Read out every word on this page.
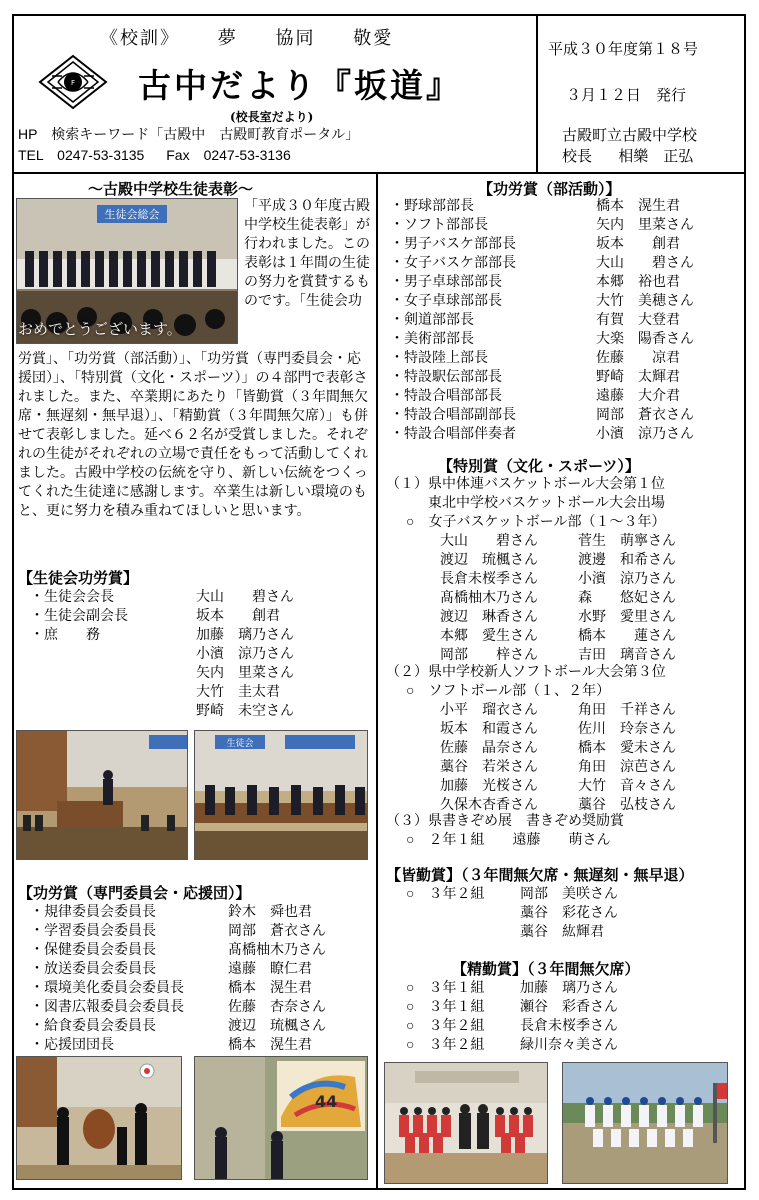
《校訓》 夢 協同 敬愛
F 古中だより『坂道』
(校長室だより)
HP　検索キーワード「古殿中　古殿町教育ポータル」
TEL　0247-53-3135 Fax　0247-53-3136
平成３０年度第１８号
３月１２日　発行
古殿町立古殿中学校
校長 相樂　正弘
～古殿中学校生徒表彰～
生徒会総会
おめでとうございます。
「平成３０年度古殿中学校生徒表彰」が行われました。この表彰は１年間の生徒の努力を賞賛するものです。「生徒会功
労賞」、「功労賞（部活動）」、「功労賞（専門委員会・応援団）」、「特別賞（文化・スポーツ）」の４部門で表彰されました。また、卒業期にあたり「皆勤賞（３年間無欠席・無遅刻・無早退）」、「精勤賞（３年間無欠席）」も併せて表彰しました。延べ６２名が受賞しました。それぞれの生徒がそれぞれの立場で責任をもって活動してくれました。古殿中学校の伝統を守り、新しい伝統をつくってくれた生徒達に感謝します。卒業生は新しい環境のもと、更に努力を積み重ねてほしいと思います。
【生徒会功労賞】
・生徒会会長	大山　　碧さん
・生徒会副会長	坂本　　創君
・庶　　務	加藤　璃乃さん
小濱　涼乃さん
矢内　里菜さん
大竹　圭太君
野崎　未空さん
生徒会
【功労賞（専門委員会・応援団）】
・規律委員会委員長	鈴木　舜也君
・学習委員会委員長	岡部　蒼衣さん
・保健委員会委員長	髙橋柚木乃さん
・放送委員会委員長	遠藤　瞭仁君
・環境美化委員会委員長	橋本　滉生君
・図書広報委員会委員長	佐藤　杏奈さん
・給食委員会委員長	渡辺　琉楓さん
・応援団団長	橋本　滉生君
44
【功労賞（部活動）】
・野球部部長	橋本　滉生君
・ソフト部部長	矢内　里菜さん
・男子バスケ部部長	坂本　　創君
・女子バスケ部部長	大山　　碧さん
・男子卓球部部長	本郷　裕也君
・女子卓球部部長	大竹　美穂さん
・剣道部部長	有賀　大登君
・美術部部長	大楽　陽香さん
・特設陸上部長	佐藤　　凉君
・特設駅伝部部長	野崎　太輝君
・特設合唱部部長	遠藤　大介君
・特設合唱部副部長	岡部　蒼衣さん
・特設合唱部伴奏者	小濱　涼乃さん
【特別賞（文化・スポーツ）】
（１）県中体連バスケットボール大会第１位
東北中学校バスケットボール大会出場
○　女子バスケットボール部（１～３年）
大山　　碧さん	菅生　萌寧さん
渡辺　琉楓さん	渡邊　和希さん
長倉未桜季さん	小濱　涼乃さん
髙橋柚木乃さん	森　　悠妃さん
渡辺　琳香さん	水野　愛里さん
本郷　愛生さん	橋本　　蓮さん
岡部　　梓さん	吉田　璃音さん
（２）県中学校新人ソフトボール大会第３位
○　ソフトボール部（１、２年）
小平　瑠衣さん	角田　千祥さん
坂本　和霞さん	佐川　玲奈さん
佐藤　晶奈さん	橋本　愛未さん
藁谷　若栄さん	角田　涼芭さん
加藤　光桜さん	大竹　音々さん
久保木杏香さん	藁谷　弘枝さん
（３）県書きぞめ展　書きぞめ奨励賞
○　２年１組　　遠藤　　萌さん
【皆勤賞】（３年間無欠席・無遅刻・無早退）
○　３年２組	岡部　美咲さん
藁谷　彩花さん
藁谷　紘輝君
【精勤賞】（３年間無欠席）
○　３年１組	加藤　璃乃さん
○　３年１組	瀬谷　彩香さん
○　３年２組	長倉未桜季さん
○　３年２組	緑川奈々美さん
